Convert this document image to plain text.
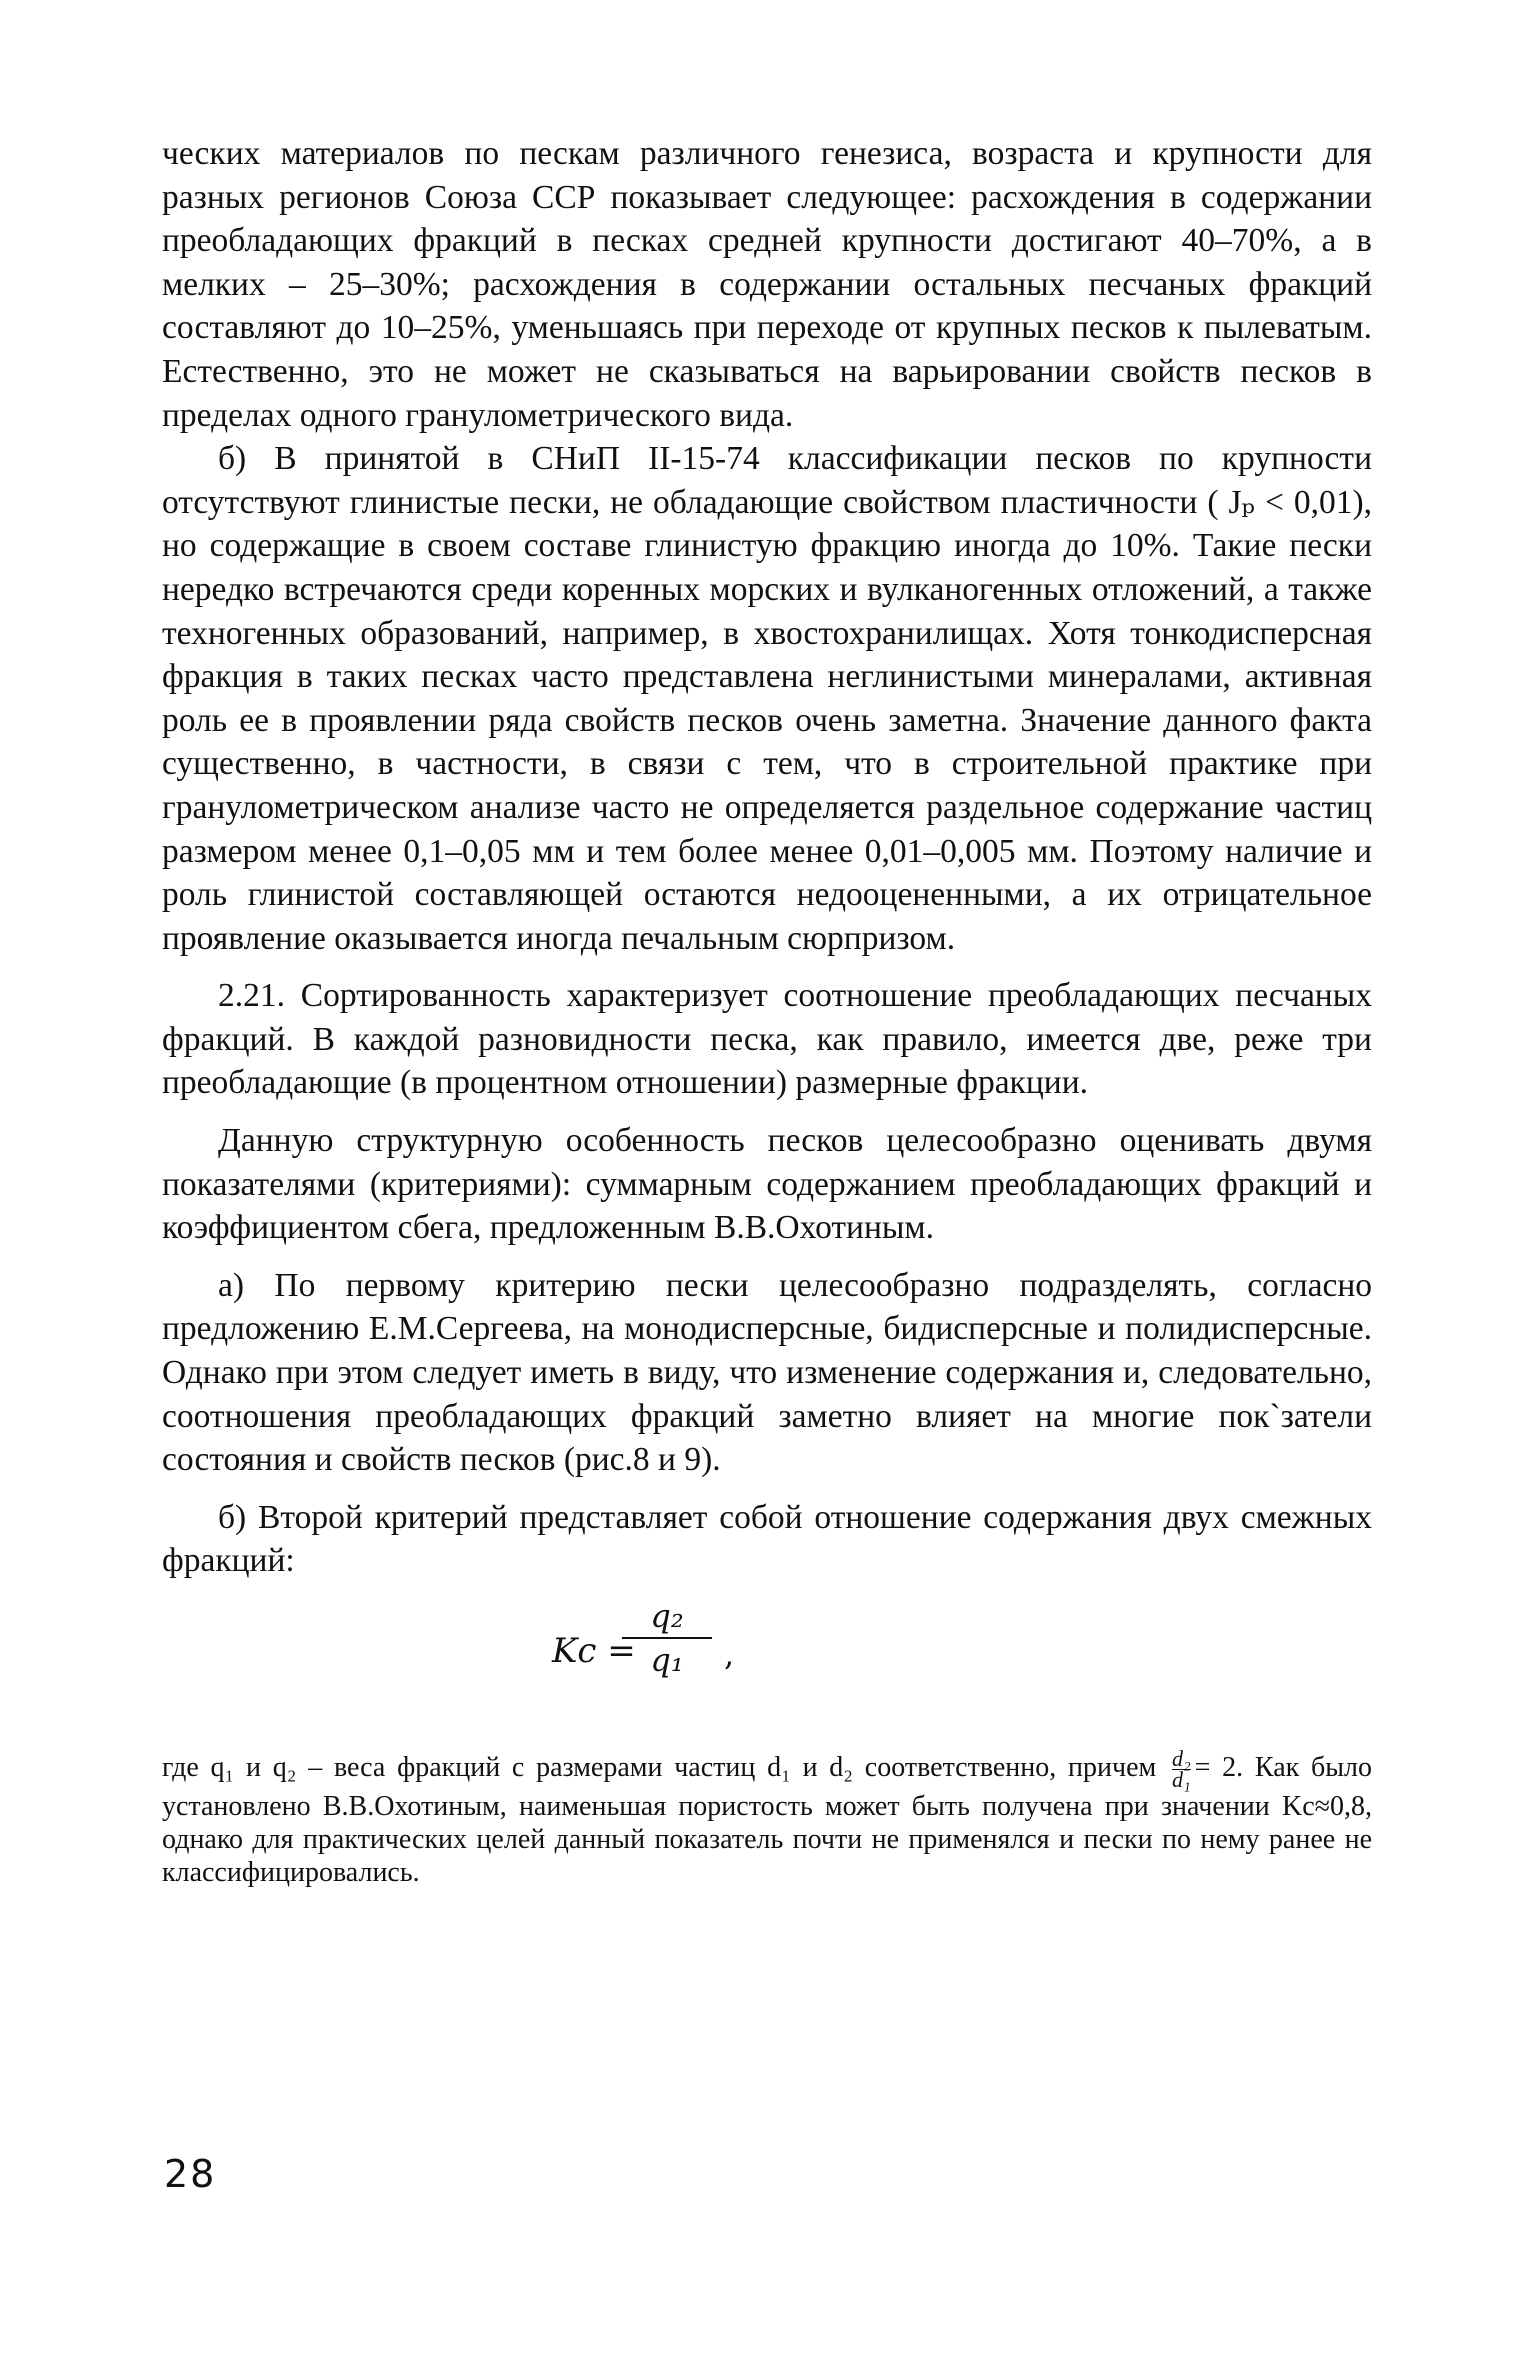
ческих материалов по пескам различного генезиса, возраста и крупности для разных регионов Союза ССР показывает следующее: расхождения в содержании преобладающих фракций в песках средней крупности достигают 40–70%, а в мелких – 25–30%; расхождения в содержании остальных песчаных фракций составляют до 10–25%, уменьшаясь при переходе от крупных песков к пылеватым. Естественно, это не может не сказываться на варьировании свойств песков в пределах одного гранулометрического вида.

б) В принятой в СНиП II-15-74 классификации песков по крупности отсутствуют глинистые пески, не обладающие свойством пластичности ( Jₚ < 0,01), но содержащие в своем составе глинистую фракцию иногда до 10%. Такие пески нередко встречаются среди коренных морских и вулканогенных отложений, а также техногенных образований, например, в хвостохранилищах. Хотя тонкодисперсная фракция в таких песках часто представлена неглинистыми минералами, активная роль ее в проявлении ряда свойств песков очень заметна. Значение данного факта существенно, в частности, в связи с тем, что в строительной практике при гранулометрическом анализе часто не определяется раздельное содержание частиц размером менее 0,1–0,05 мм и тем более менее 0,01–0,005 мм. Поэтому наличие и роль глинистой составляющей остаются недооцененными, а их отрицательное проявление оказывается иногда печальным сюрпризом.

2.21. Сортированность характеризует соотношение преобладающих песчаных фракций. В каждой разновидности песка, как правило, имеется две, реже три преобладающие (в процентном отношении) размерные фракции.

Данную структурную особенность песков целесообразно оценивать двумя показателями (критериями): суммарным содержанием преобладающих фракций и коэффициентом сбега, предложенным В.В.Охотиным.

а) По первому критерию пески целесообразно подразделять, согласно предложению Е.М.Сергеева, на монодисперсные, бидисперсные и полидисперсные. Однако при этом следует иметь в виду, что изменение содержания и, следовательно, соотношения преобладающих фракций заметно влияет на многие пок`затели состояния и свойств песков (рис.8 и 9).

б) Второй критерий представляет собой отношение содержания двух смежных фракций:

Kc =
q₂
q₁	,

где q₁ и q₂ – веса фракций с размерами частиц d₁ и d₂ соответственно, причем $\frac{\text{d₂}}{\text{d₁}} = 2$. Как было установлено В.В.Охотиным, наименьшая пористость может быть получена при значении Kc≈0,8, однако для практических целей данный показатель почти не применялся и пески по нему ранее не классифицировались.

28
